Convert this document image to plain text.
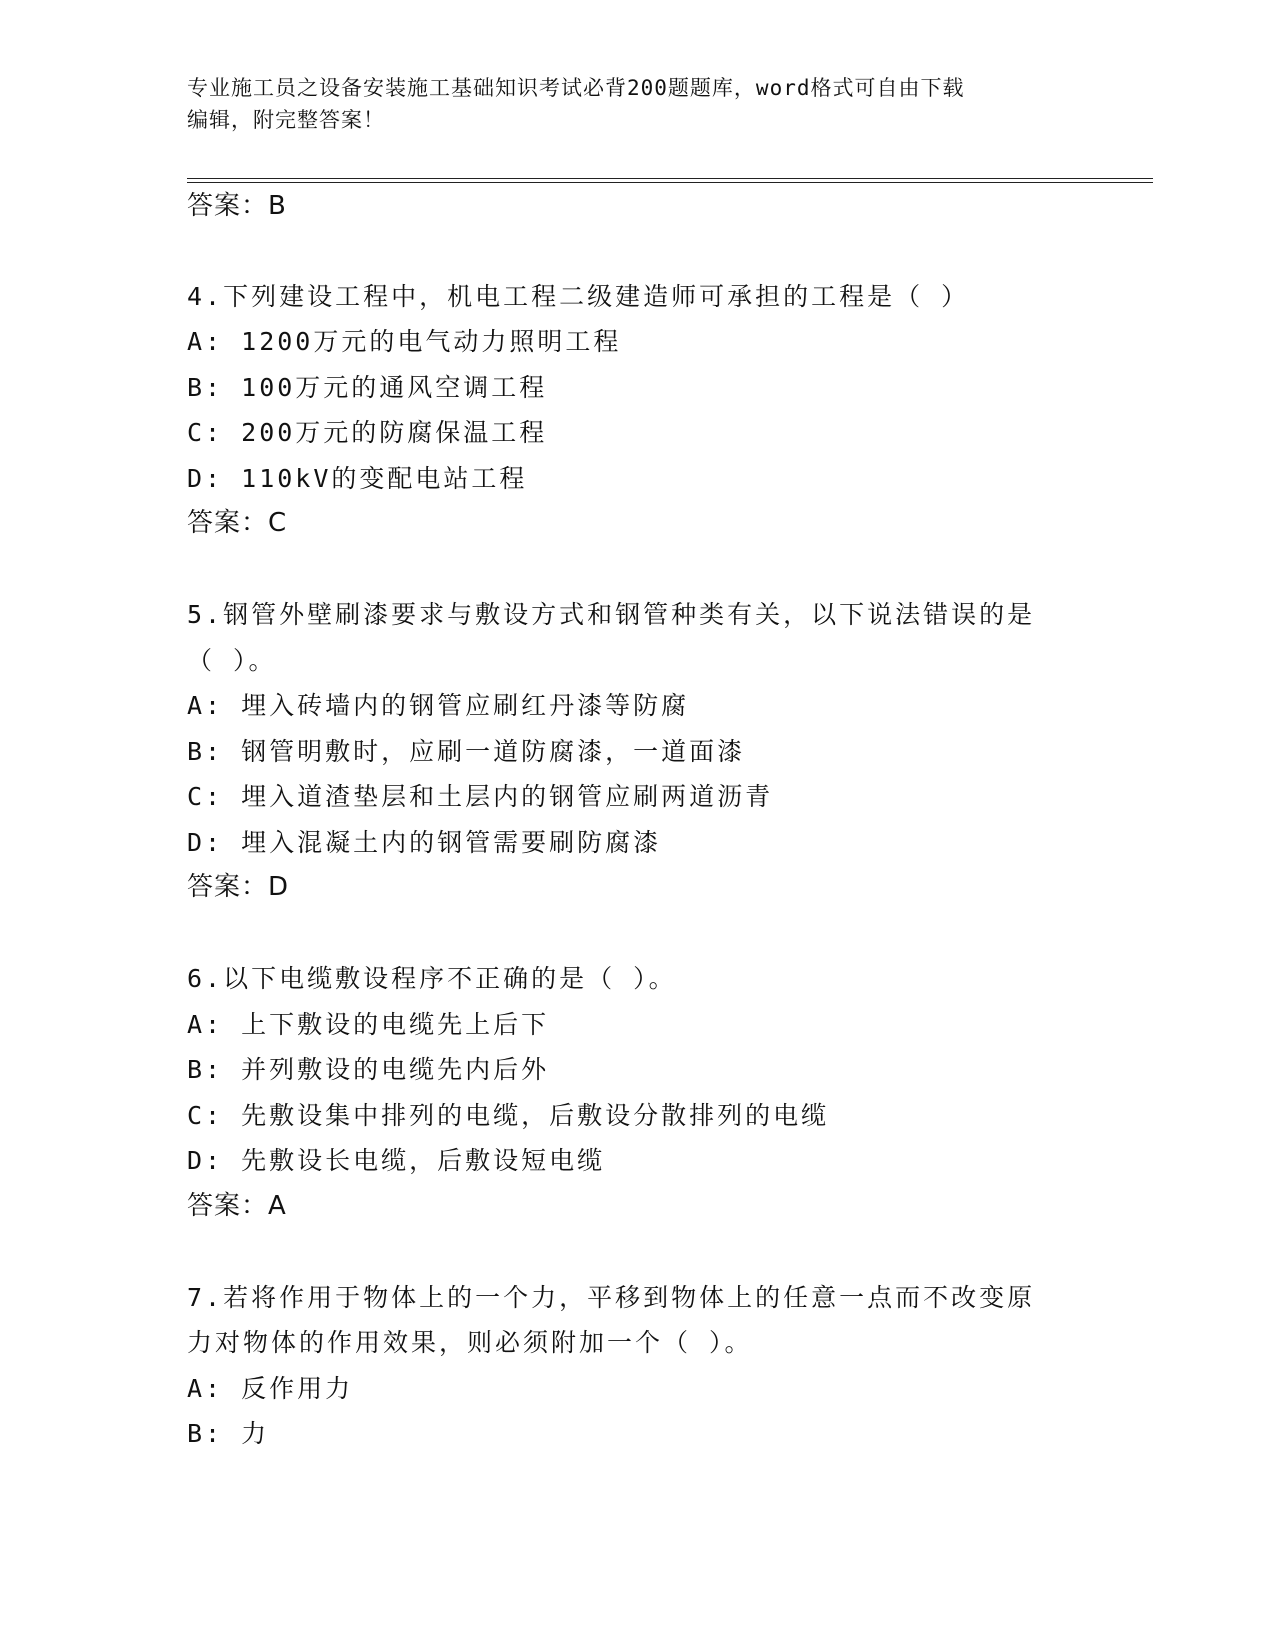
专业施工员之设备安装施工基础知识考试必背200题题库，word格式可自由下载
编辑，附完整答案！
答案：B
4.下列建设工程中，机电工程二级建造师可承担的工程是（ ）
A: 1200万元的电气动力照明工程
B: 100万元的通风空调工程
C: 200万元的防腐保温工程
D: 110kV的变配电站工程
答案：C
5.钢管外壁刷漆要求与敷设方式和钢管种类有关，以下说法错误的是
（ ）。
A: 埋入砖墙内的钢管应刷红丹漆等防腐
B: 钢管明敷时，应刷一道防腐漆，一道面漆
C: 埋入道渣垫层和土层内的钢管应刷两道沥青
D: 埋入混凝土内的钢管需要刷防腐漆
答案：D
6.以下电缆敷设程序不正确的是（ ）。
A: 上下敷设的电缆先上后下
B: 并列敷设的电缆先内后外
C: 先敷设集中排列的电缆，后敷设分散排列的电缆
D: 先敷设长电缆，后敷设短电缆
答案：A
7.若将作用于物体上的一个力，平移到物体上的任意一点而不改变原
力对物体的作用效果，则必须附加一个（ ）。
A: 反作用力
B: 力
